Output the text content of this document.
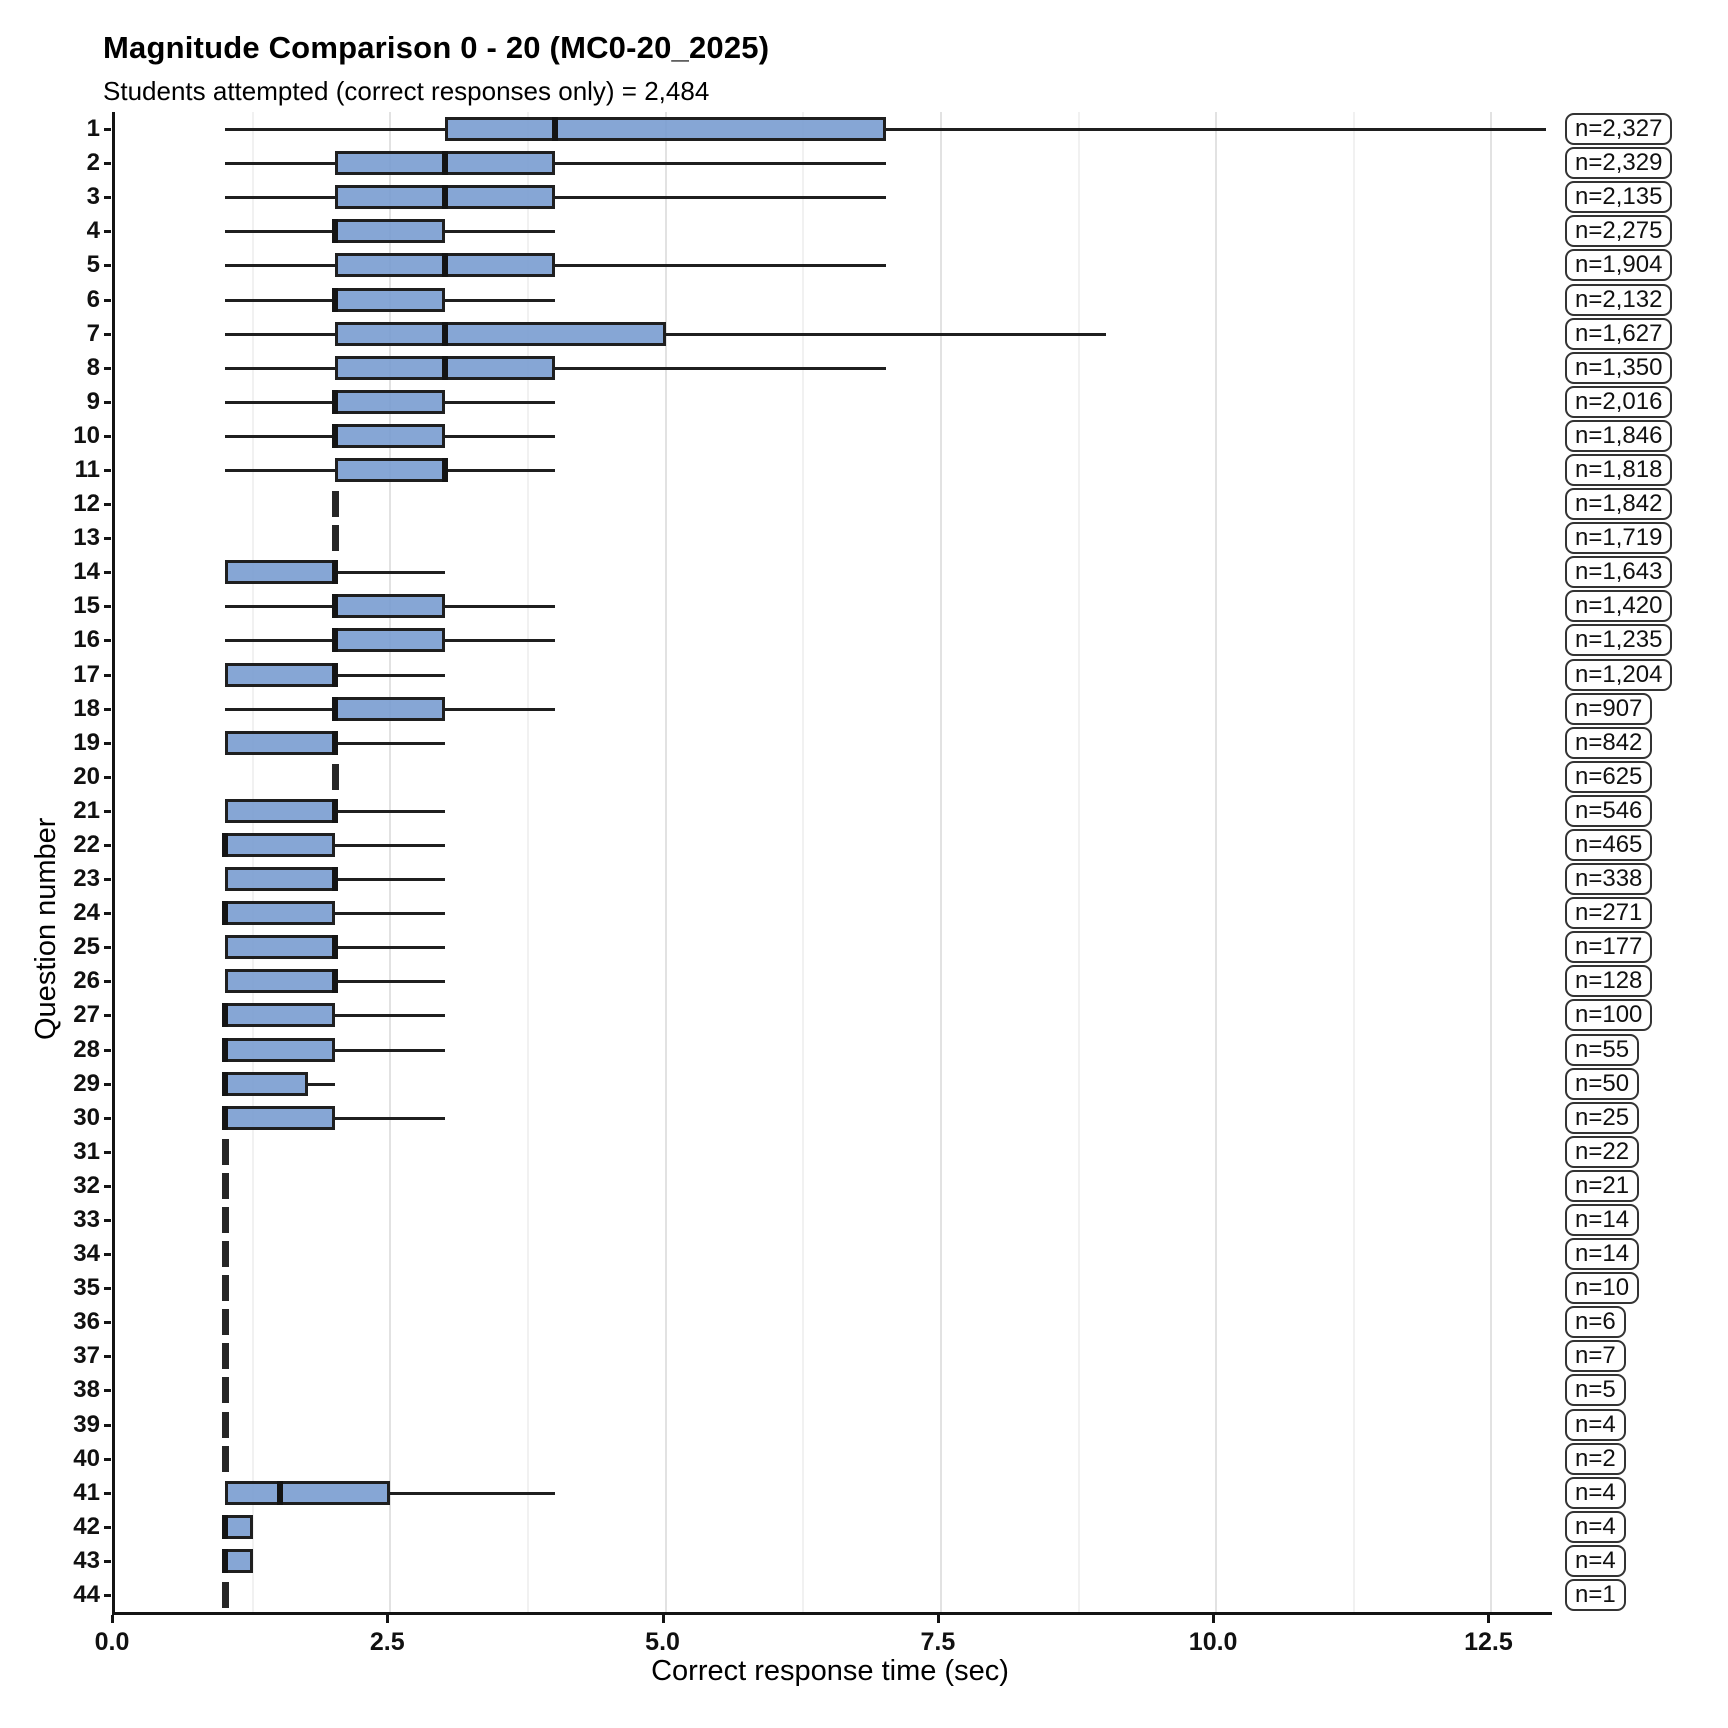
Magnitude Comparison 0 - 20 (MC0-20_2025)
Students attempted (correct responses only) = 2,484
1	n=2,327
2	n=2,329
3	n=2,135
4	n=2,275
5	n=1,904
6	n=2,132
7	n=1,627
8	n=1,350
9	n=2,016
10	n=1,846
11	n=1,818
12	n=1,842
13	n=1,719
14	n=1,643
15	n=1,420
16	n=1,235
17	n=1,204
18	n=907
19	n=842
20	n=625
21	n=546
22	n=465
23	n=338
24	n=271
25	n=177
26	n=128
27	n=100
28	n=55
29	n=50
30	n=25
31	n=22
32	n=21
33	n=14
34	n=14
35	n=10
36	n=6
37	n=7
38	n=5
39	n=4
40	n=2
41	n=4
42	n=4
43	n=4
44	n=1
0.0	2.5	5.0	7.5	10.0	12.5
Question number
Correct response time (sec)
